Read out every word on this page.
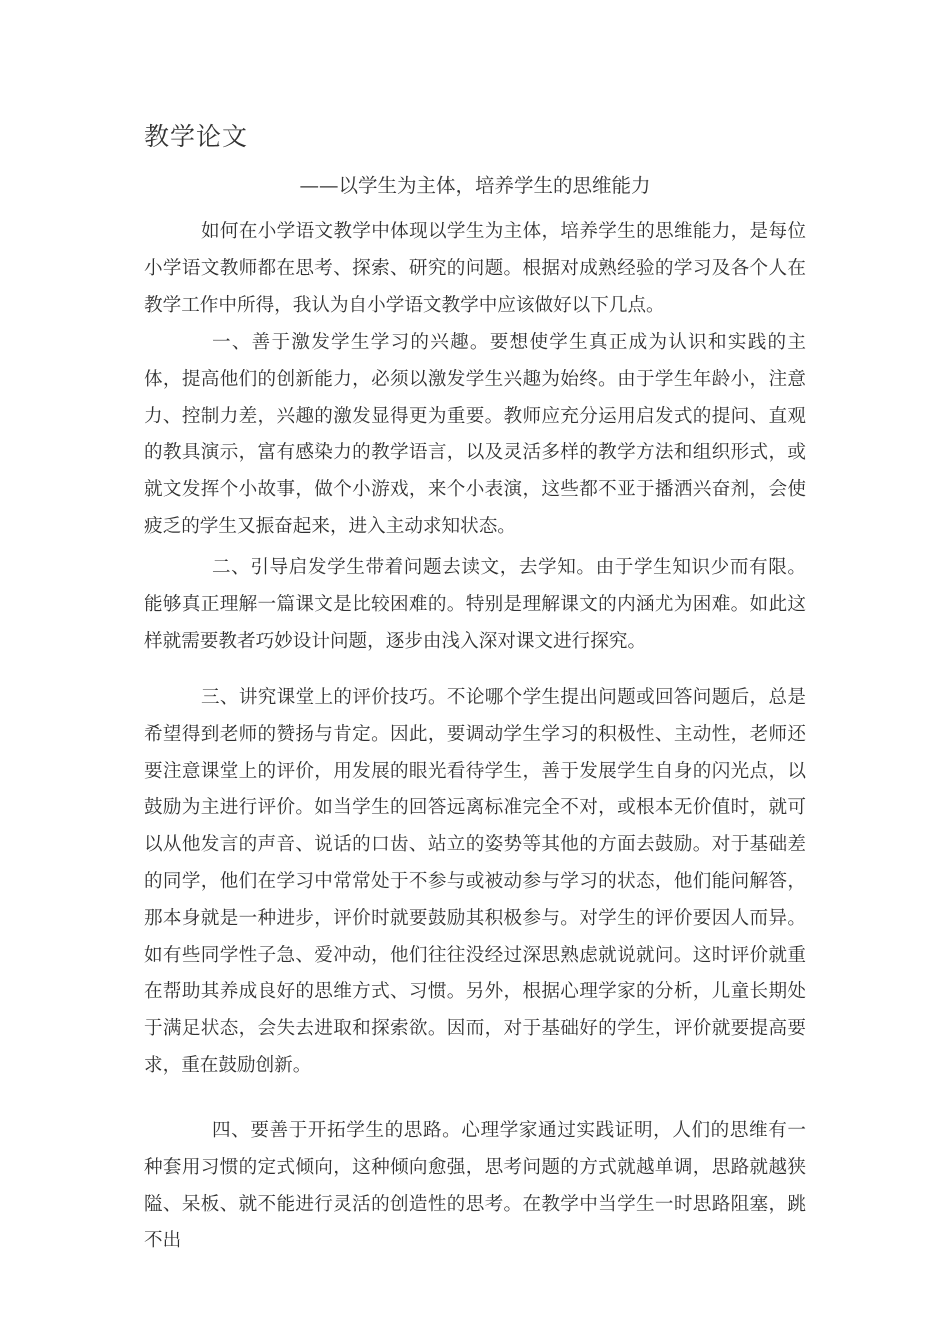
教学论文
——以学生为主体，培养学生的思维能力

如何在小学语文教学中体现以学生为主体，培养学生的思维能力，是每位小学语文教师都在思考、探索、研究的问题。根据对成熟经验的学习及各个人在教学工作中所得，我认为自小学语文教学中应该做好以下几点。

一、善于激发学生学习的兴趣。要想使学生真正成为认识和实践的主体，提高他们的创新能力，必须以激发学生兴趣为始终。由于学生年龄小，注意力、控制力差，兴趣的激发显得更为重要。教师应充分运用启发式的提问、直观的教具演示，富有感染力的教学语言，以及灵活多样的教学方法和组织形式，或就文发挥个小故事，做个小游戏，来个小表演，这些都不亚于播洒兴奋剂，会使疲乏的学生又振奋起来，进入主动求知状态。

二、引导启发学生带着问题去读文，去学知。由于学生知识少而有限。能够真正理解一篇课文是比较困难的。特别是理解课文的内涵尤为困难。如此这样就需要教者巧妙设计问题，逐步由浅入深对课文进行探究。

三、讲究课堂上的评价技巧。不论哪个学生提出问题或回答问题后，总是希望得到老师的赞扬与肯定。因此，要调动学生学习的积极性、主动性，老师还要注意课堂上的评价，用发展的眼光看待学生，善于发展学生自身的闪光点，以鼓励为主进行评价。如当学生的回答远离标准完全不对，或根本无价值时，就可以从他发言的声音、说话的口齿、站立的姿势等其他的方面去鼓励。对于基础差的同学，他们在学习中常常处于不参与或被动参与学习的状态，他们能问解答，那本身就是一种进步，评价时就要鼓励其积极参与。对学生的评价要因人而异。如有些同学性子急、爱冲动，他们往往没经过深思熟虑就说就问。这时评价就重在帮助其养成良好的思维方式、习惯。另外，根据心理学家的分析，儿童长期处于满足状态，会失去进取和探索欲。因而，对于基础好的学生，评价就要提高要求，重在鼓励创新。

四、要善于开拓学生的思路。心理学家通过实践证明，人们的思维有一种套用习惯的定式倾向，这种倾向愈强，思考问题的方式就越单调，思路就越狭隘、呆板、就不能进行灵活的创造性的思考。在教学中当学生一时思路阻塞，跳不出
